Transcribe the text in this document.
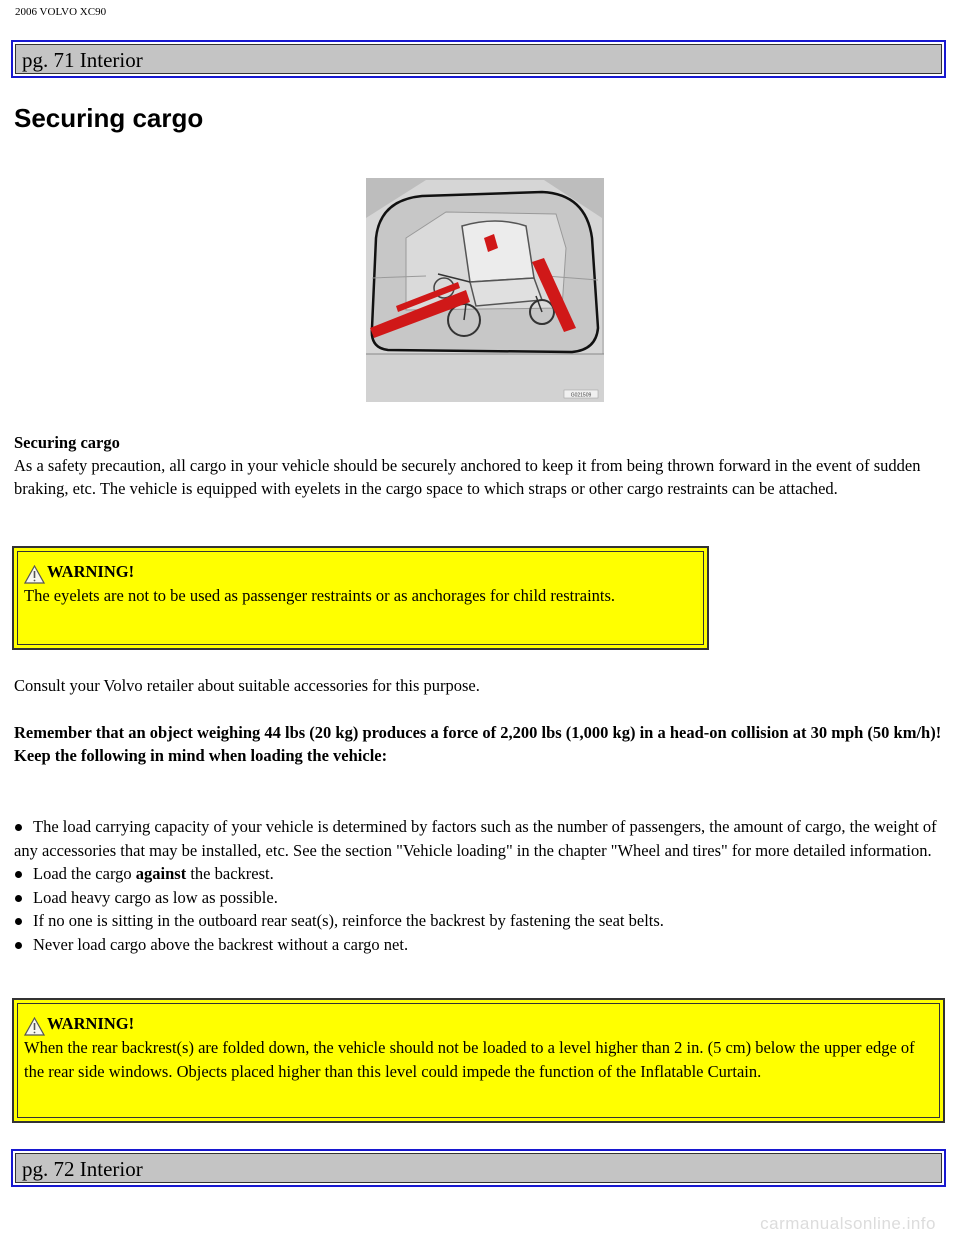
2006 VOLVO XC90
pg. 71 Interior
Securing cargo
G021509
Securing cargo
As a safety precaution, all cargo in your vehicle should be securely anchored to keep it from being thrown forward in the event of sudden braking, etc. The vehicle is equipped with eyelets in the cargo space to which straps or other cargo restraints can be attached.
WARNING!
The eyelets are not to be used as passenger restraints or as anchorages for child restraints.

Consult your Volvo retailer about suitable accessories for this purpose.

Remember that an object weighing 44 lbs (20 kg) produces a force of 2,200 lbs (1,000 kg) in a head-on collision at 30 mph (50 km/h)!
Keep the following in mind when loading the vehicle:
The load carrying capacity of your vehicle is determined by factors such as the number of passengers, the amount of cargo, the weight of any accessories that may be installed, etc. See the section "Vehicle loading" in the chapter "Wheel and tires" for more detailed information.
Load the cargo against the backrest.
Load heavy cargo as low as possible.
If no one is sitting in the outboard rear seat(s), reinforce the backrest by fastening the seat belts.
Never load cargo above the backrest without a cargo net.
WARNING!
When the rear backrest(s) are folded down, the vehicle should not be loaded to a level higher than 2 in. (5 cm) below the upper edge of the rear side windows. Objects placed higher than this level could impede the function of the Inflatable Curtain.
pg. 72 Interior
carmanualsonline.info
